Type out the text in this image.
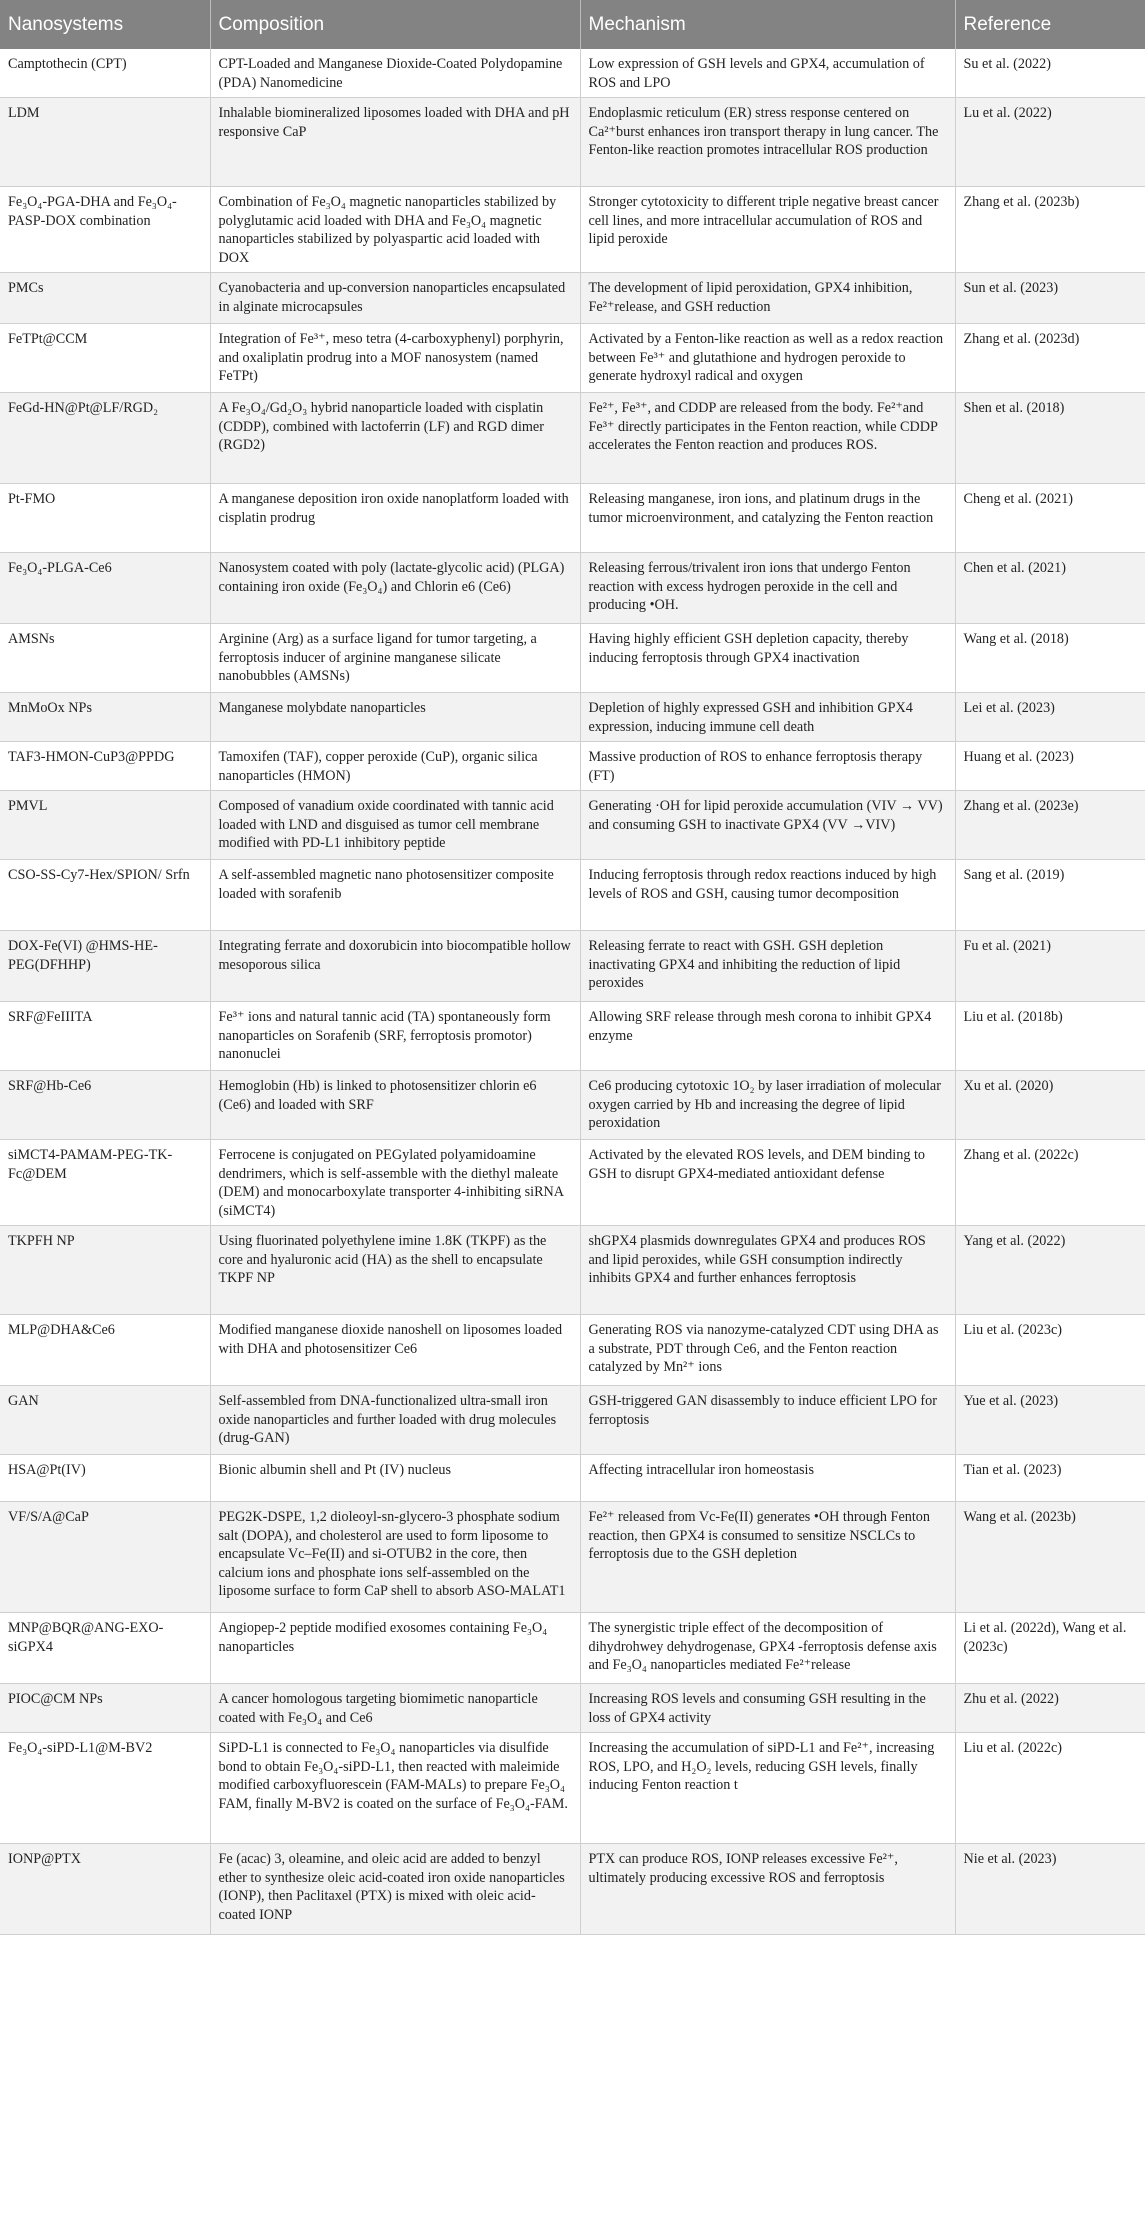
Nanosystems	Composition	Mechanism	Reference
Camptothecin (CPT)	CPT-Loaded and Manganese Dioxide-Coated Polydopamine (PDA) Nanomedicine	Low expression of GSH levels and GPX4, accumulation of ROS and LPO	Su et al. (2022)
LDM	Inhalable biomineralized liposomes loaded with DHA and pH responsive CaP	Endoplasmic reticulum (ER) stress response centered on Ca²⁺burst enhances iron transport therapy in lung cancer. The Fenton-like reaction promotes intracellular ROS production	Lu et al. (2022)
Fe₃O₄-PGA-DHA and Fe₃O₄-PASP-DOX combination	Combination of Fe₃O₄ magnetic nanoparticles stabilized by polyglutamic acid loaded with DHA and Fe₃O₄ magnetic nanoparticles stabilized by polyaspartic acid loaded with DOX	Stronger cytotoxicity to different triple negative breast cancer cell lines, and more intracellular accumulation of ROS and lipid peroxide	Zhang et al. (2023b)
PMCs	Cyanobacteria and up-conversion nanoparticles encapsulated in alginate microcapsules	The development of lipid peroxidation, GPX4 inhibition, Fe²⁺release, and GSH reduction	Sun et al. (2023)
FeTPt@CCM	Integration of Fe³⁺, meso tetra (4-carboxyphenyl) porphyrin, and oxaliplatin prodrug into a MOF nanosystem (named FeTPt)	Activated by a Fenton-like reaction as well as a redox reaction between Fe³⁺ and glutathione and hydrogen peroxide to generate hydroxyl radical and oxygen	Zhang et al. (2023d)
FeGd-HN@Pt@LF/RGD₂	A Fe₃O₄/Gd₂O₃ hybrid nanoparticle loaded with cisplatin (CDDP), combined with lactoferrin (LF) and RGD dimer (RGD2)	Fe²⁺, Fe³⁺, and CDDP are released from the body. Fe²⁺and Fe³⁺ directly participates in the Fenton reaction, while CDDP accelerates the Fenton reaction and produces ROS.	Shen et al. (2018)
Pt-FMO	A manganese deposition iron oxide nanoplatform loaded with cisplatin prodrug	Releasing manganese, iron ions, and platinum drugs in the tumor microenvironment, and catalyzing the Fenton reaction	Cheng et al. (2021)
Fe₃O₄-PLGA-Ce6	Nanosystem coated with poly (lactate-glycolic acid) (PLGA) containing iron oxide (Fe₃O₄) and Chlorin e6 (Ce6)	Releasing ferrous/trivalent iron ions that undergo Fenton reaction with excess hydrogen peroxide in the cell and producing •OH.	Chen et al. (2021)
AMSNs	Arginine (Arg) as a surface ligand for tumor targeting, a ferroptosis inducer of arginine manganese silicate nanobubbles (AMSNs)	Having highly efficient GSH depletion capacity, thereby inducing ferroptosis through GPX4 inactivation	Wang et al. (2018)
MnMoOx NPs	Manganese molybdate nanoparticles	Depletion of highly expressed GSH and inhibition GPX4 expression, inducing immune cell death	Lei et al. (2023)
TAF3-HMON-CuP3@PPDG	Tamoxifen (TAF), copper peroxide (CuP), organic silica nanoparticles (HMON)	Massive production of ROS to enhance ferroptosis therapy (FT)	Huang et al. (2023)
PMVL	Composed of vanadium oxide coordinated with tannic acid loaded with LND and disguised as tumor cell membrane modified with PD-L1 inhibitory peptide	Generating ·OH for lipid peroxide accumulation (VIV → VV) and consuming GSH to inactivate GPX4 (VV →VIV)	Zhang et al. (2023e)
CSO-SS-Cy7-Hex/SPION/ Srfn	A self-assembled magnetic nano photosensitizer composite loaded with sorafenib	Inducing ferroptosis through redox reactions induced by high levels of ROS and GSH, causing tumor decomposition	Sang et al. (2019)
DOX-Fe(VI) @HMS-HE-PEG(DFHHP)	Integrating ferrate and doxorubicin into biocompatible hollow mesoporous silica	Releasing ferrate to react with GSH. GSH depletion inactivating GPX4 and inhibiting the reduction of lipid peroxides	Fu et al. (2021)
SRF@FeIIITA	Fe³⁺ ions and natural tannic acid (TA) spontaneously form nanoparticles on Sorafenib (SRF, ferroptosis promotor) nanonuclei	Allowing SRF release through mesh corona to inhibit GPX4 enzyme	Liu et al. (2018b)
SRF@Hb-Ce6	Hemoglobin (Hb) is linked to photosensitizer chlorin e6 (Ce6) and loaded with SRF	Ce6 producing cytotoxic 1O₂ by laser irradiation of molecular oxygen carried by Hb and increasing the degree of lipid peroxidation	Xu et al. (2020)
siMCT4-PAMAM-PEG-TK-Fc@DEM	Ferrocene is conjugated on PEGylated polyamidoamine dendrimers, which is self-assemble with the diethyl maleate (DEM) and monocarboxylate transporter 4-inhibiting siRNA (siMCT4)	Activated by the elevated ROS levels, and DEM binding to GSH to disrupt GPX4-mediated antioxidant defense	Zhang et al. (2022c)
TKPFH NP	Using fluorinated polyethylene imine 1.8K (TKPF) as the core and hyaluronic acid (HA) as the shell to encapsulate TKPF NP	shGPX4 plasmids downregulates GPX4 and produces ROS and lipid peroxides, while GSH consumption indirectly inhibits GPX4 and further enhances ferroptosis	Yang et al. (2022)
MLP@DHA&Ce6	Modified manganese dioxide nanoshell on liposomes loaded with DHA and photosensitizer Ce6	Generating ROS via nanozyme-catalyzed CDT using DHA as a substrate, PDT through Ce6, and the Fenton reaction catalyzed by Mn²⁺ ions	Liu et al. (2023c)
GAN	Self-assembled from DNA-functionalized ultra-small iron oxide nanoparticles and further loaded with drug molecules (drug-GAN)	GSH-triggered GAN disassembly to induce efficient LPO for ferroptosis	Yue et al. (2023)
HSA@Pt(IV)	Bionic albumin shell and Pt (IV) nucleus	Affecting intracellular iron homeostasis	Tian et al. (2023)
VF/S/A@CaP	PEG2K-DSPE, 1,2 dioleoyl-sn-glycero-3 phosphate sodium salt (DOPA), and cholesterol are used to form liposome to encapsulate Vc–Fe(II) and si-OTUB2 in the core, then calcium ions and phosphate ions self-assembled on the liposome surface to form CaP shell to absorb ASO-MALAT1	Fe²⁺ released from Vc-Fe(II) generates •OH through Fenton reaction, then GPX4 is consumed to sensitize NSCLCs to ferroptosis due to the GSH depletion	Wang et al. (2023b)
MNP@BQR@ANG-EXO-siGPX4	Angiopep-2 peptide modified exosomes containing Fe₃O₄ nanoparticles	The synergistic triple effect of the decomposition of dihydrohwey dehydrogenase, GPX4 -ferroptosis defense axis and Fe₃O₄ nanoparticles mediated Fe²⁺release	Li et al. (2022d), Wang et al. (2023c)
PIOC@CM NPs	A cancer homologous targeting biomimetic nanoparticle coated with Fe₃O₄ and Ce6	Increasing ROS levels and consuming GSH resulting in the loss of GPX4 activity	Zhu et al. (2022)
Fe₃O₄-siPD-L1@M-BV2	SiPD-L1 is connected to Fe₃O₄ nanoparticles via disulfide bond to obtain Fe₃O₄-siPD-L1, then reacted with maleimide modified carboxyfluorescein (FAM-MALs) to prepare Fe₃O₄ FAM, finally M-BV2 is coated on the surface of Fe₃O₄-FAM.	Increasing the accumulation of siPD-L1 and Fe²⁺, increasing ROS, LPO, and H₂O₂ levels, reducing GSH levels, finally inducing Fenton reaction t	Liu et al. (2022c)
IONP@PTX	Fe (acac) 3, oleamine, and oleic acid are added to benzyl ether to synthesize oleic acid-coated iron oxide nanoparticles (IONP), then Paclitaxel (PTX) is mixed with oleic acid-coated IONP	PTX can produce ROS, IONP releases excessive Fe²⁺, ultimately producing excessive ROS and ferroptosis	Nie et al. (2023)
